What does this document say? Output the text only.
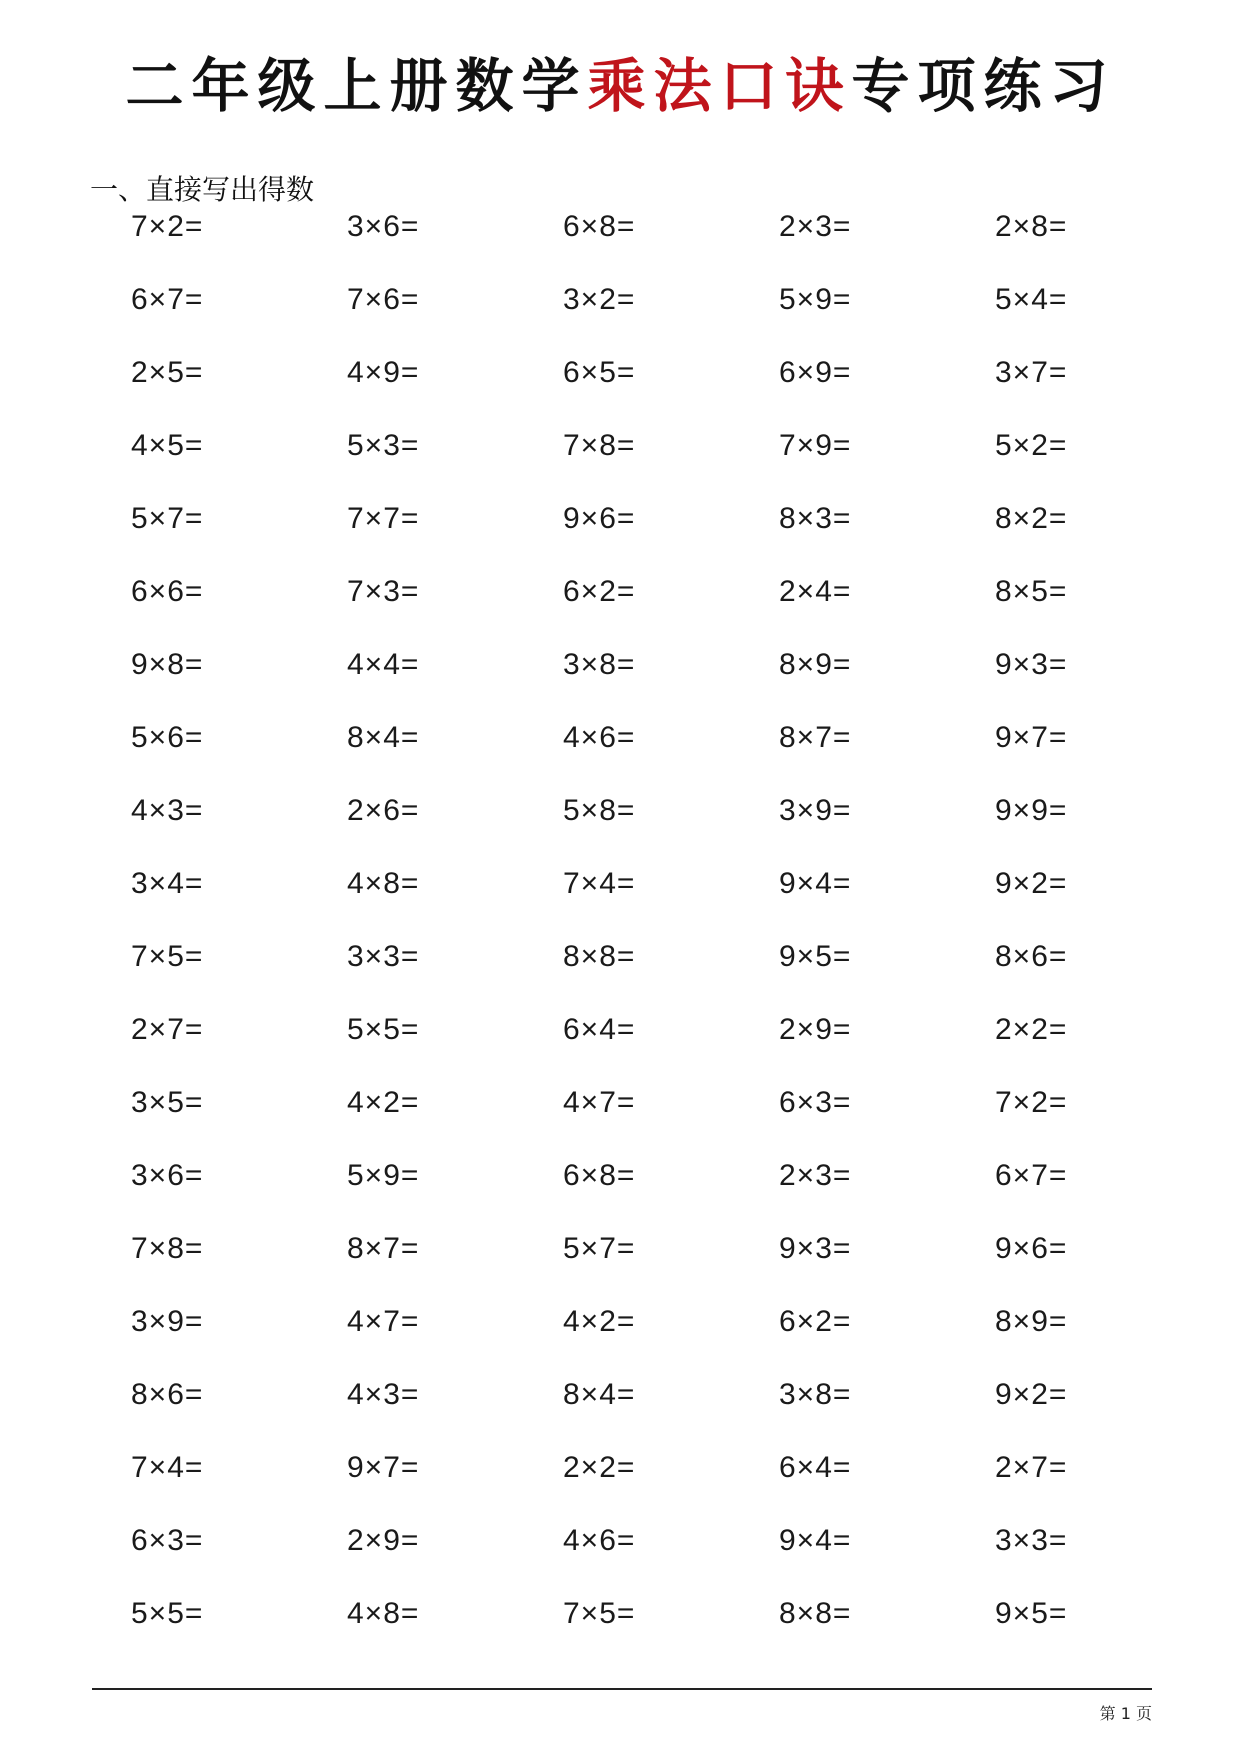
二年级上册数学 乘法口诀 专项练习
一、直接写出得数
7×2=	3×6=	6×8=	2×3=	2×8=
6×7=	7×6=	3×2=	5×9=	5×4=
2×5=	4×9=	6×5=	6×9=	3×7=
4×5=	5×3=	7×8=	7×9=	5×2=
5×7=	7×7=	9×6=	8×3=	8×2=
6×6=	7×3=	6×2=	2×4=	8×5=
9×8=	4×4=	3×8=	8×9=	9×3=
5×6=	8×4=	4×6=	8×7=	9×7=
4×3=	2×6=	5×8=	3×9=	9×9=
3×4=	4×8=	7×4=	9×4=	9×2=
7×5=	3×3=	8×8=	9×5=	8×6=
2×7=	5×5=	6×4=	2×9=	2×2=
3×5=	4×2=	4×7=	6×3=	7×2=
3×6=	5×9=	6×8=	2×3=	6×7=
7×8=	8×7=	5×7=	9×3=	9×6=
3×9=	4×7=	4×2=	6×2=	8×9=
8×6=	4×3=	8×4=	3×8=	9×2=
7×4=	9×7=	2×2=	6×4=	2×7=
6×3=	2×9=	4×6=	9×4=	3×3=
5×5=	4×8=	7×5=	8×8=	9×5=
第 1 页
